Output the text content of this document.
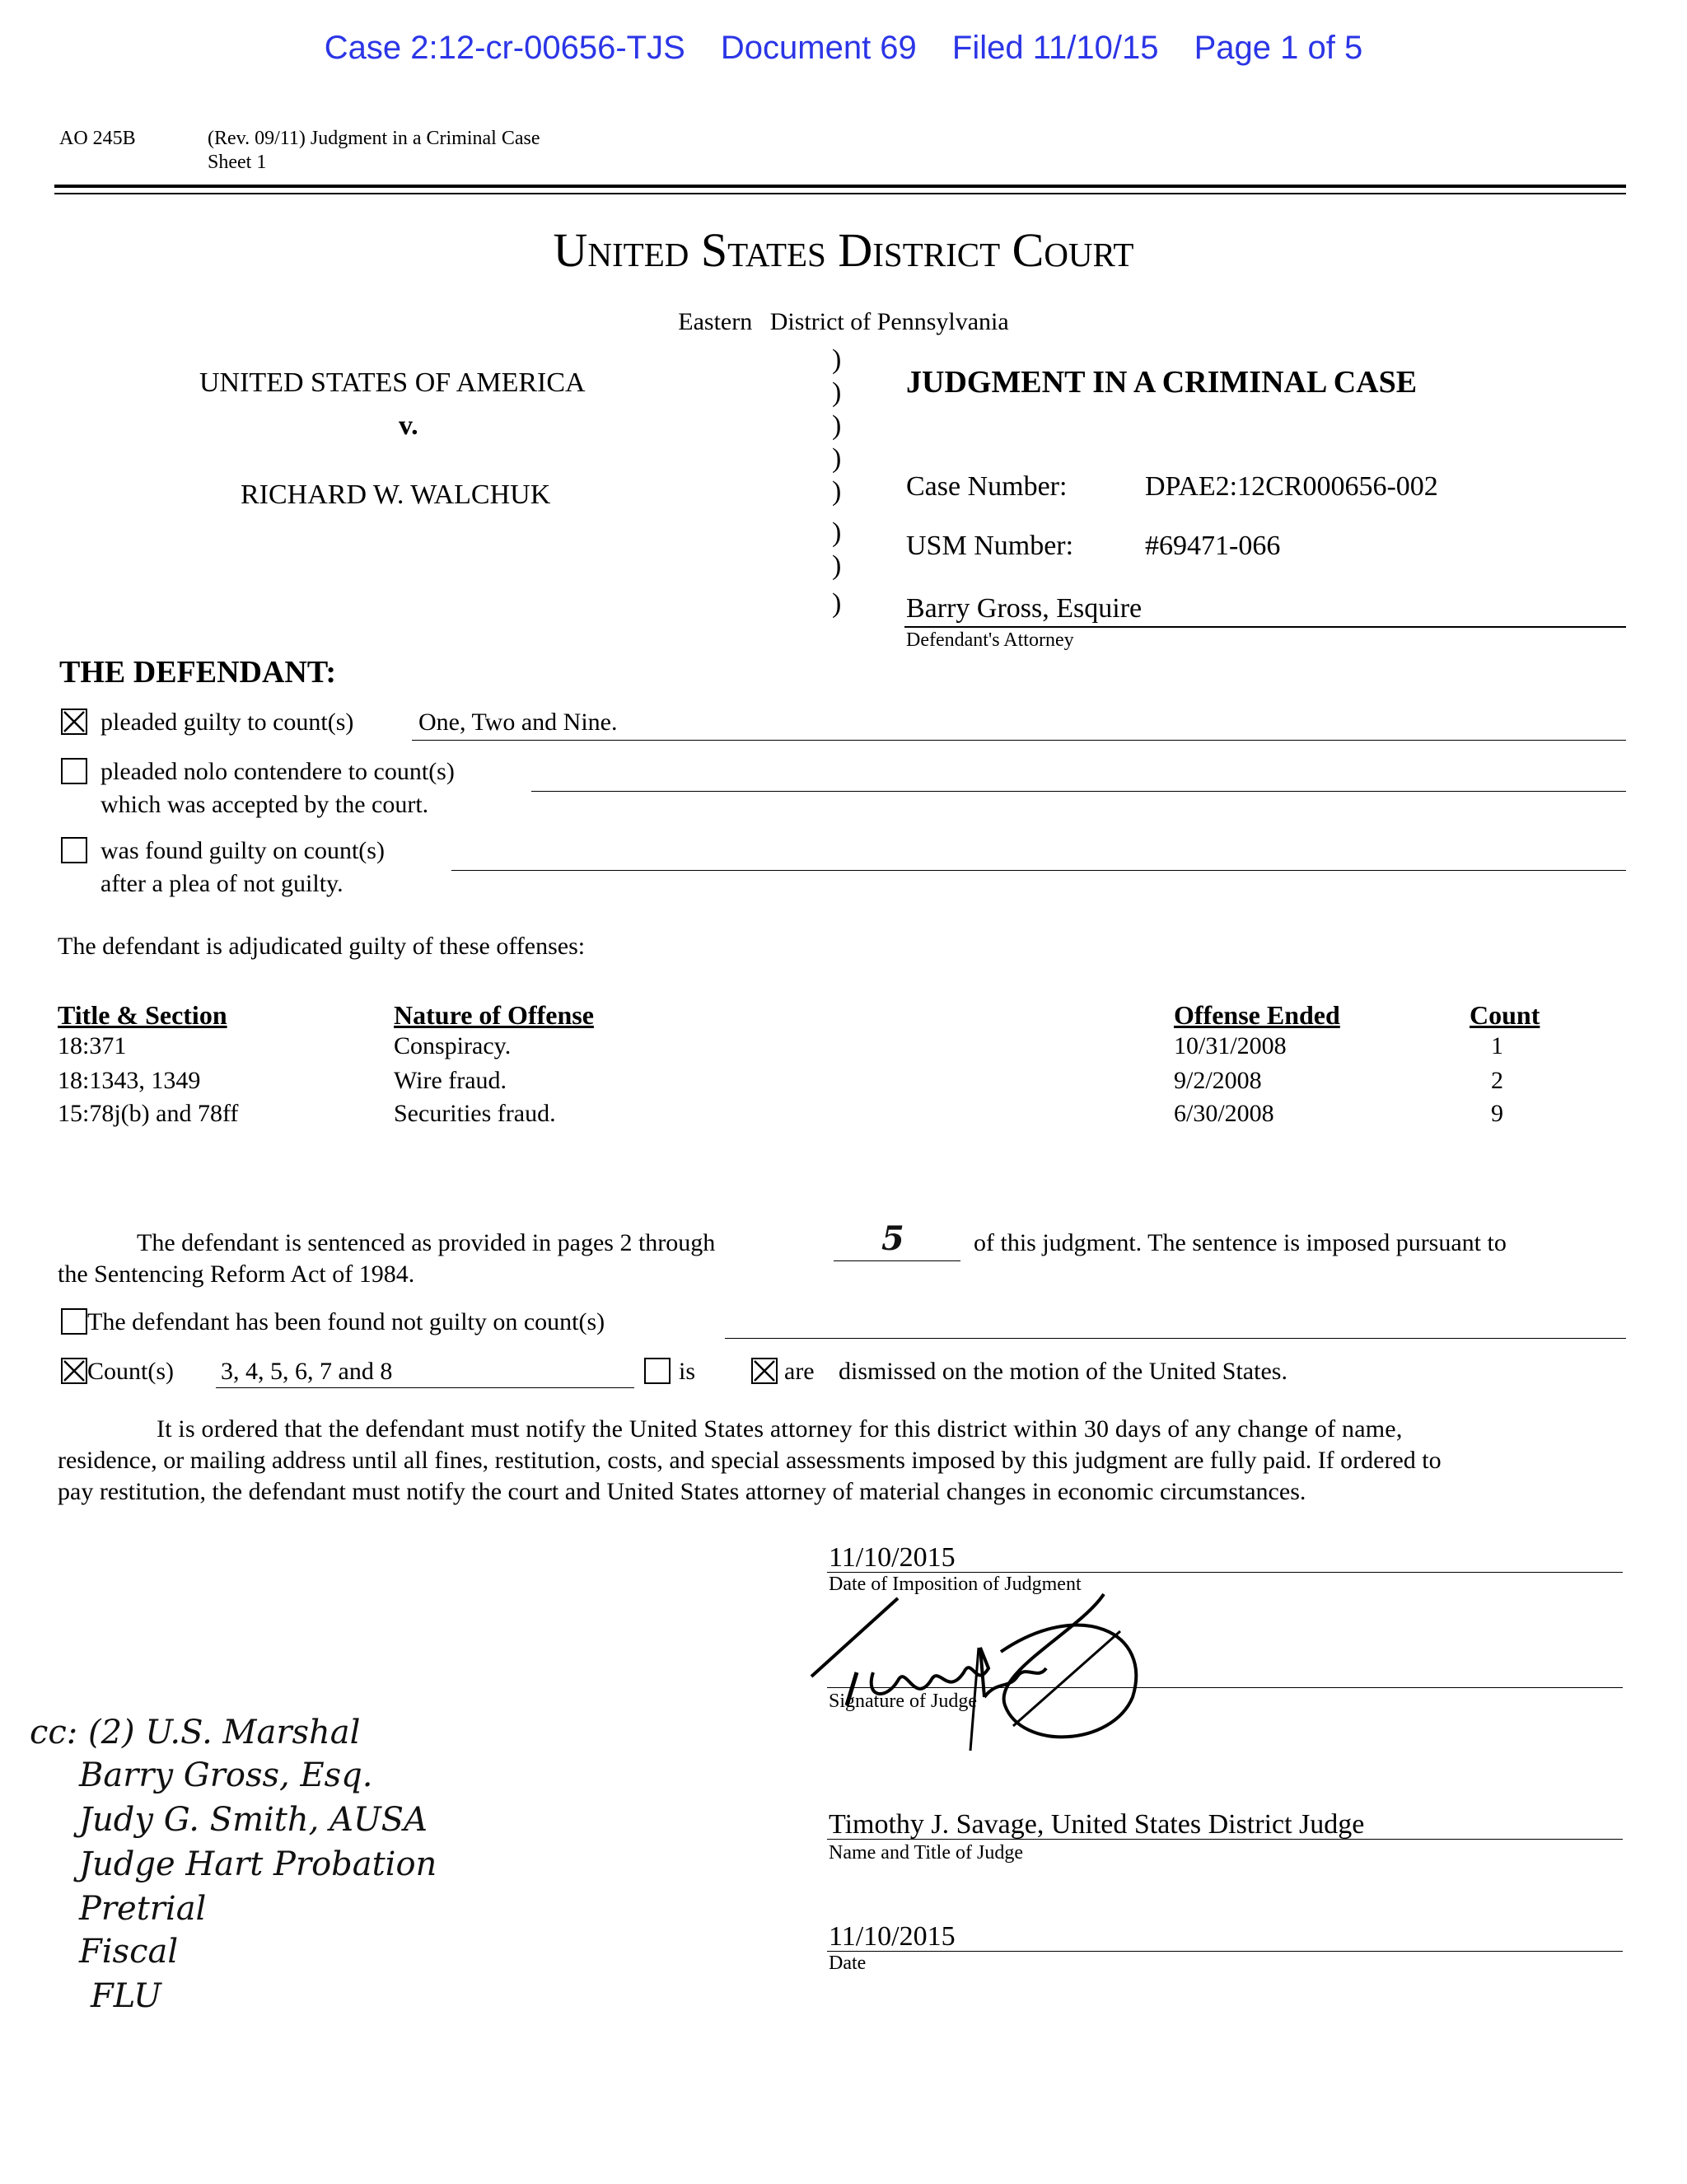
Case 2:12-cr-00656-TJS Document 69 Filed 11/10/15 Page 1 of 5
AO 245B	(Rev. 09/11) Judgment in a Criminal Case
Sheet 1
United States District Court
Eastern District of Pennsylvania
UNITED STATES OF AMERICA
v.
RICHARD W. WALCHUK
)
)
)
)
)
)
)
)
JUDGMENT IN A CRIMINAL CASE
Case Number:	DPAE2:12CR000656-002
USM Number:	#69471-066
Barry Gross, Esquire
Defendant's Attorney
THE DEFENDANT:
pleaded guilty to count(s)	One, Two and Nine.
pleaded nolo contendere to count(s)
which was accepted by the court.
was found guilty on count(s)
after a plea of not guilty.
The defendant is adjudicated guilty of these offenses:
Title & Section	Nature of Offense	Offense Ended	Count
18:371	Conspiracy.	10/31/2008	1
18:1343, 1349	Wire fraud.	9/2/2008	2
15:78j(b) and 78ff	Securities fraud.	6/30/2008	9
The defendant is sentenced as provided in pages 2 through	5	of this judgment. The sentence is imposed pursuant to
the Sentencing Reform Act of 1984.
The defendant has been found not guilty on count(s)
Count(s) 3, 4, 5, 6, 7 and 8	is	are dismissed on the motion of the United States.
It is ordered that the defendant must notify the United States attorney for this district within 30 days of any change of name,
residence, or mailing address until all fines, restitution, costs, and special assessments imposed by this judgment are fully paid. If ordered to
pay restitution, the defendant must notify the court and United States attorney of material changes in economic circumstances.
11/10/2015
Date of Imposition of Judgment
Signature of Judge
Timothy J. Savage, United States District Judge
Name and Title of Judge
11/10/2015
Date
cc: (2) U.S. Marshal
Barry Gross, Esq.
Judy G. Smith, AUSA
Judge Hart Probation
Pretrial
Fiscal
FLU
